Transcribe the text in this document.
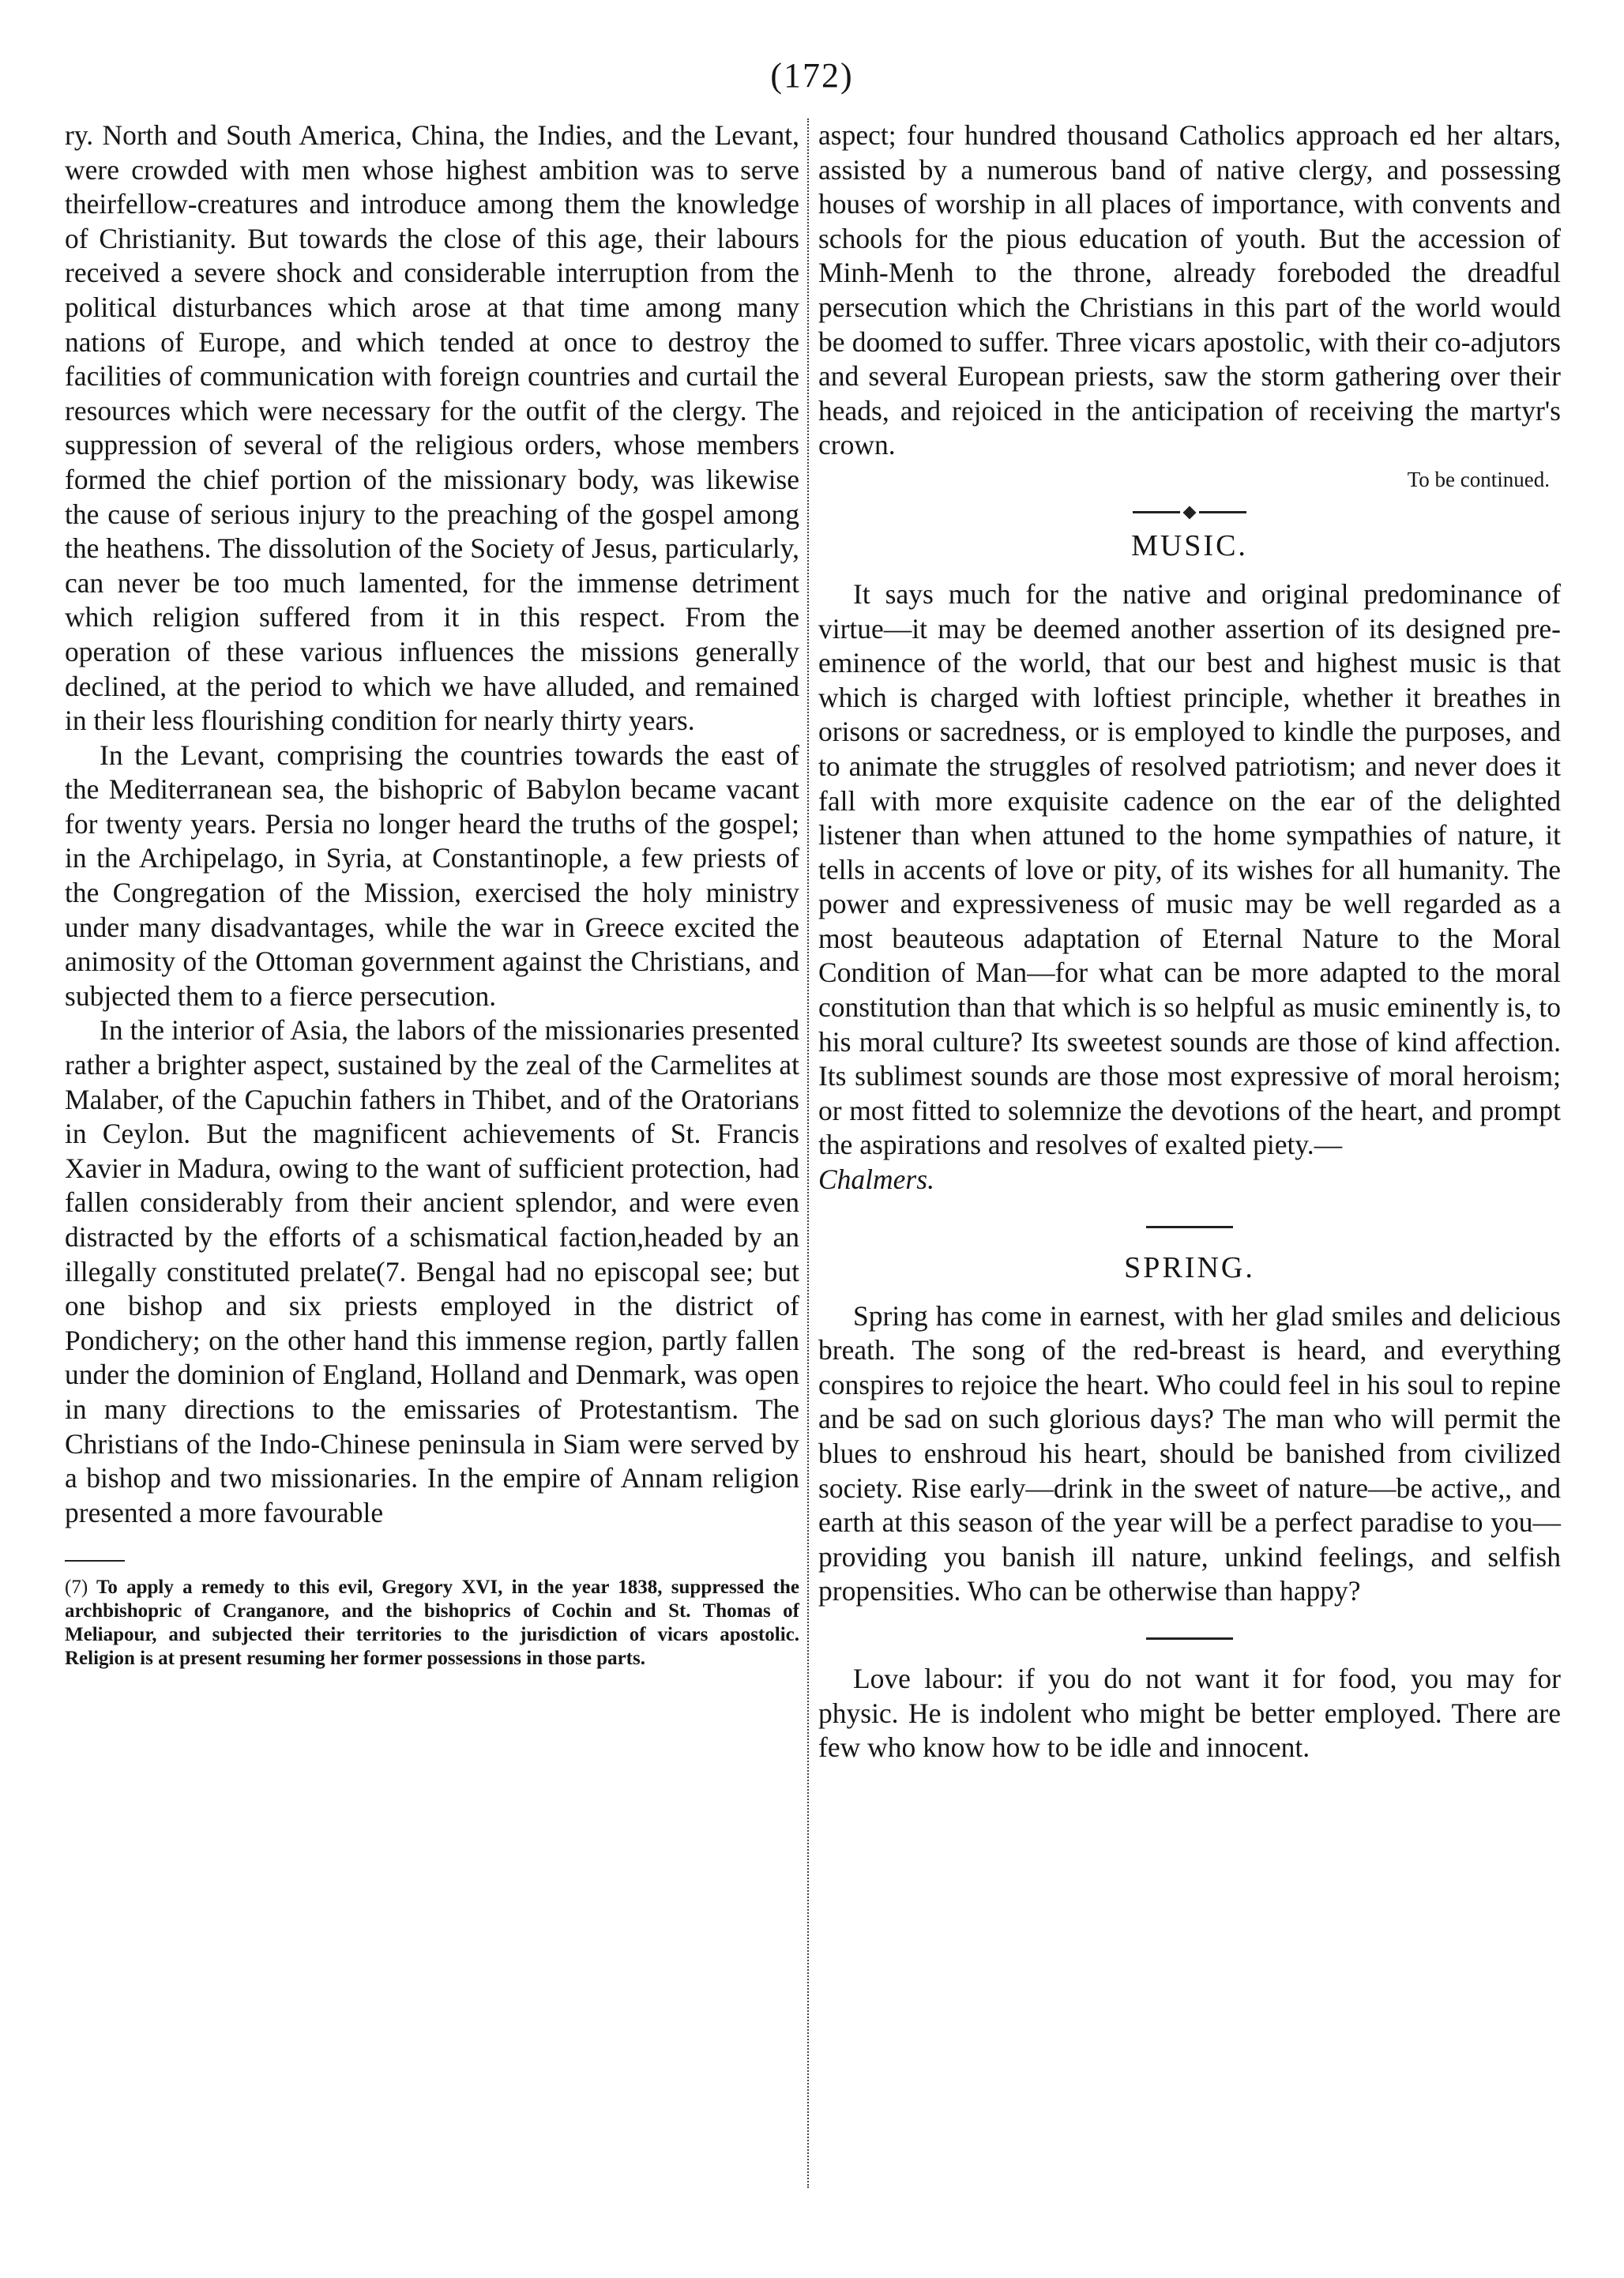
(172)

ry. North and South America, China, the Indies, and the Levant, were crowded with men whose highest ambition was to serve theirfellow-creatures and introduce among them the knowledge of Christianity. But towards the close of this age, their labours received a severe shock and considerable interruption from the political disturbances which arose at that time among many nations of Europe, and which tended at once to destroy the facilities of communication with foreign countries and curtail the resources which were necessary for the outfit of the clergy. The suppression of several of the religious orders, whose members formed the chief portion of the missionary body, was likewise the cause of serious injury to the preaching of the gospel among the heathens. The dissolution of the Society of Jesus, particularly, can never be too much lamented, for the immense detriment which religion suffered from it in this respect. From the operation of these various influences the missions generally declined, at the period to which we have alluded, and remained in their less flourishing condition for nearly thirty years.

In the Levant, comprising the countries towards the east of the Mediterranean sea, the bishopric of Babylon became vacant for twenty years. Persia no longer heard the truths of the gospel; in the Archipelago, in Syria, at Constantinople, a few priests of the Congregation of the Mission, exercised the holy ministry under many disadvantages, while the war in Greece excited the animosity of the Ottoman government against the Christians, and subjected them to a fierce persecution.

In the interior of Asia, the labors of the missionaries presented rather a brighter aspect, sustained by the zeal of the Carmelites at Malaber, of the Capuchin fathers in Thibet, and of the Oratorians in Ceylon. But the magnificent achievements of St. Francis Xavier in Madura, owing to the want of sufficient protection, had fallen considerably from their ancient splendor, and were even distracted by the efforts of a schismatical faction,headed by an illegally constituted prelate(7. Bengal had no episcopal see; but one bishop and six priests employed in the district of Pondichery; on the other hand this immense region, partly fallen under the dominion of England, Holland and Denmark, was open in many directions to the emissaries of Protestantism. The Christians of the Indo-Chinese peninsula in Siam were served by a bishop and two missionaries. In the empire of Annam religion presented a more favourable

(7) To apply a remedy to this evil, Gregory XVI, in the year 1838, suppressed the archbishopric of Cranganore, and the bishoprics of Cochin and St. Thomas of Meliapour, and subjected their territories to the jurisdiction of vicars apostolic. Religion is at present resuming her former possessions in those parts.

aspect; four hundred thousand Catholics approach ed her altars, assisted by a numerous band of native clergy, and possessing houses of worship in all places of importance, with convents and schools for the pious education of youth. But the accession of Minh-Menh to the throne, already foreboded the dreadful persecution which the Christians in this part of the world would be doomed to suffer. Three vicars apostolic, with their co-adjutors and several European priests, saw the storm gathering over their heads, and rejoiced in the anticipation of receiving the martyr's crown.

To be continued.
MUSIC.

It says much for the native and original predominance of virtue—it may be deemed another assertion of its designed pre-eminence of the world, that our best and highest music is that which is charged with loftiest principle, whether it breathes in orisons or sacredness, or is employed to kindle the purposes, and to animate the struggles of resolved patriotism; and never does it fall with more exquisite cadence on the ear of the delighted listener than when attuned to the home sympathies of nature, it tells in accents of love or pity, of its wishes for all humanity. The power and expressiveness of music may be well regarded as a most beauteous adaptation of Eternal Nature to the Moral Condition of Man—for what can be more adapted to the moral constitution than that which is so helpful as music eminently is, to his moral culture? Its sweetest sounds are those of kind affection. Its sublimest sounds are those most expressive of moral heroism; or most fitted to solemnize the devotions of the heart, and prompt the aspirations and resolves of exalted piety.—
Chalmers.

SPRING.

Spring has come in earnest, with her glad smiles and delicious breath. The song of the red-breast is heard, and everything conspires to rejoice the heart. Who could feel in his soul to repine and be sad on such glorious days? The man who will permit the blues to enshroud his heart, should be banished from civilized society. Rise early—drink in the sweet of nature—be active,, and earth at this season of the year will be a perfect paradise to you—providing you banish ill nature, unkind feelings, and selfish propensities. Who can be otherwise than happy?

Love labour: if you do not want it for food, you may for physic. He is indolent who might be better employed. There are few who know how to be idle and innocent.
